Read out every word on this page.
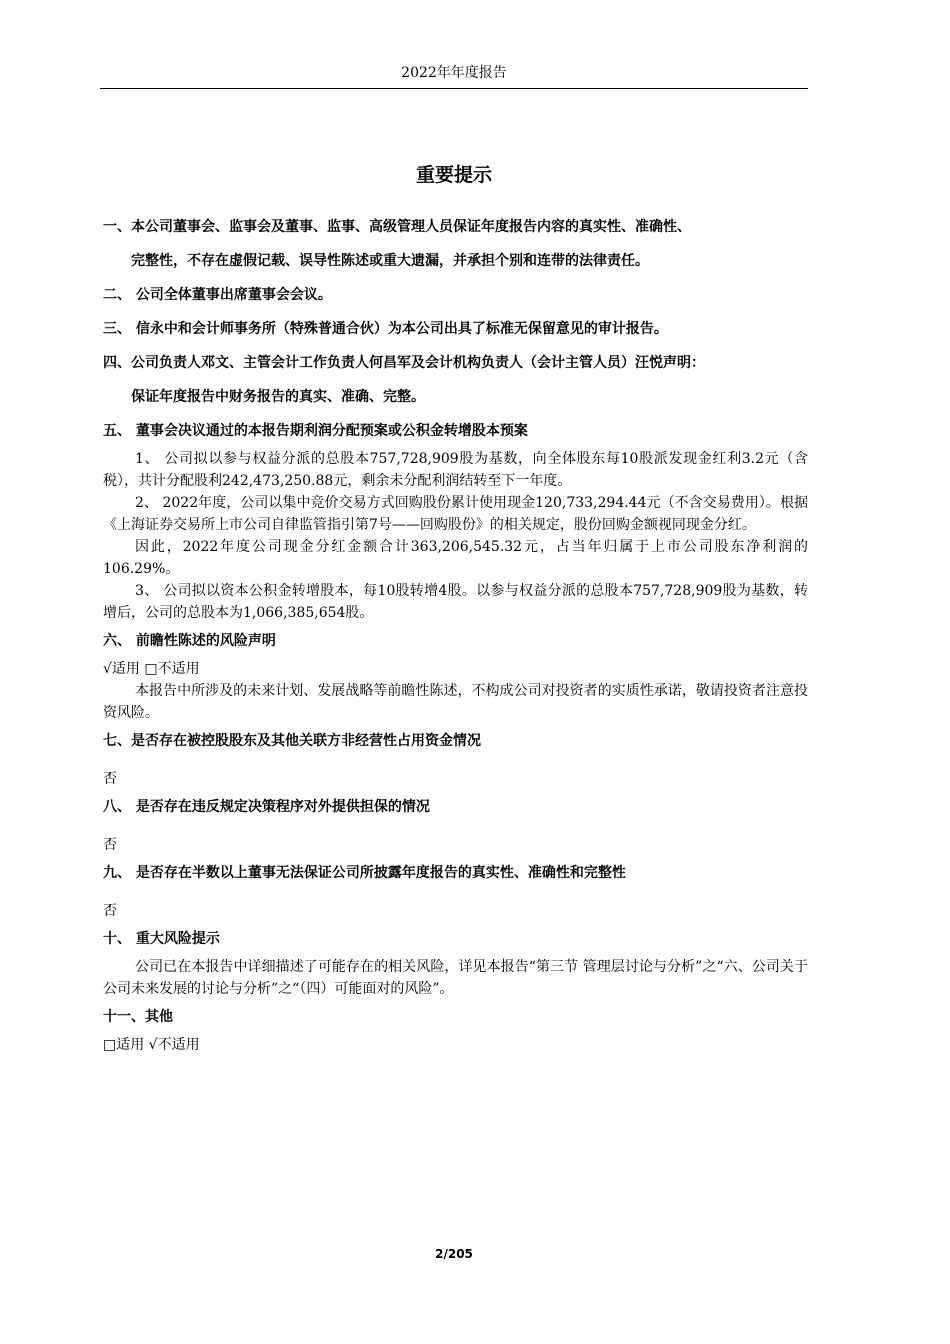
2022年年度报告
重要提示

一、本公司董事会、监事会及董事、监事、高级管理人员保证年度报告内容的真实性、准确性、

完整性，不存在虚假记载、误导性陈述或重大遗漏，并承担个别和连带的法律责任。

二、 公司全体董事出席董事会会议。

三、 信永中和会计师事务所（特殊普通合伙）为本公司出具了标准无保留意见的审计报告。

四、公司负责人邓文、主管会计工作负责人何昌军及会计机构负责人（会计主管人员）汪悦声明：

保证年度报告中财务报告的真实、准确、完整。

五、 董事会决议通过的本报告期利润分配预案或公积金转增股本预案

1、 公司拟以参与权益分派的总股本757,728,909股为基数，向全体股东每10股派发现金红利3.2元（含税），共计分配股利242,473,250.88元，剩余未分配利润结转至下一年度。

2、 2022年度，公司以集中竞价交易方式回购股份累计使用现金120,733,294.44元（不含交易费用）。根据《上海证券交易所上市公司自律监管指引第7号——回购股份》的相关规定，股份回购金额视同现金分红。

因此，2022年度公司现金分红金额合计363,206,545.32元，占当年归属于上市公司股东净利润的106.29%。

3、 公司拟以资本公积金转增股本，每10股转增4股。以参与权益分派的总股本757,728,909股为基数，转增后，公司的总股本为1,066,385,654股。

六、 前瞻性陈述的风险声明

√适用 □不适用

本报告中所涉及的未来计划、发展战略等前瞻性陈述，不构成公司对投资者的实质性承诺，敬请投资者注意投资风险。

七、是否存在被控股股东及其他关联方非经营性占用资金情况

否

八、 是否存在违反规定决策程序对外提供担保的情况

否

九、 是否存在半数以上董事无法保证公司所披露年度报告的真实性、准确性和完整性

否

十、 重大风险提示

公司已在本报告中详细描述了可能存在的相关风险，详见本报告“第三节 管理层讨论与分析”之“六、公司关于公司未来发展的讨论与分析”之“（四）可能面对的风险”。

十一、其他

□适用 √不适用

2/205
